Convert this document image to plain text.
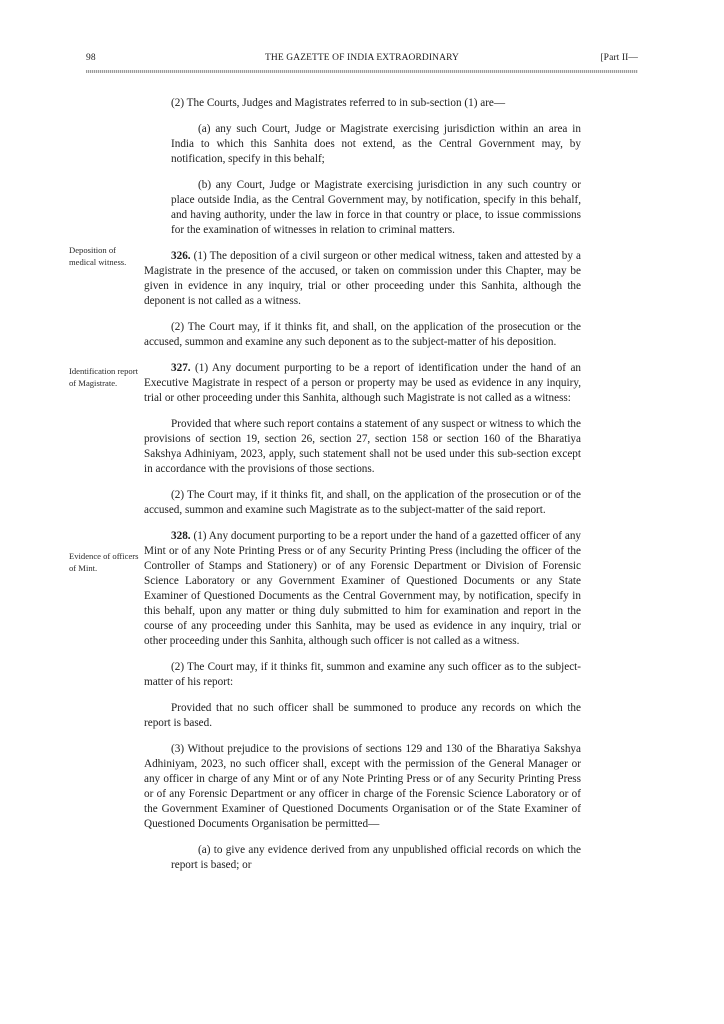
98	THE GAZETTE OF INDIA EXTRAORDINARY	[Part II—
Deposition of medical witness.
Identification report of Magistrate.
Evidence of officers of Mint.

(2) The Courts, Judges and Magistrates referred to in sub-section (1) are—

(a) any such Court, Judge or Magistrate exercising jurisdiction within an area in India to which this Sanhita does not extend, as the Central Government may, by notification, specify in this behalf;

(b) any Court, Judge or Magistrate exercising jurisdiction in any such country or place outside India, as the Central Government may, by notification, specify in this behalf, and having authority, under the law in force in that country or place, to issue commissions for the examination of witnesses in relation to criminal matters.

326. (1) The deposition of a civil surgeon or other medical witness, taken and attested by a Magistrate in the presence of the accused, or taken on commission under this Chapter, may be given in evidence in any inquiry, trial or other proceeding under this Sanhita, although the deponent is not called as a witness.

(2) The Court may, if it thinks fit, and shall, on the application of the prosecution or the accused, summon and examine any such deponent as to the subject-matter of his deposition.

327. (1) Any document purporting to be a report of identification under the hand of an Executive Magistrate in respect of a person or property may be used as evidence in any inquiry, trial or other proceeding under this Sanhita, although such Magistrate is not called as a witness:

Provided that where such report contains a statement of any suspect or witness to which the provisions of section 19, section 26, section 27, section 158 or section 160 of the Bharatiya Sakshya Adhiniyam, 2023, apply, such statement shall not be used under this sub-section except in accordance with the provisions of those sections.

(2) The Court may, if it thinks fit, and shall, on the application of the prosecution or of the accused, summon and examine such Magistrate as to the subject-matter of the said report.

328. (1) Any document purporting to be a report under the hand of a gazetted officer of any Mint or of any Note Printing Press or of any Security Printing Press (including the officer of the Controller of Stamps and Stationery) or of any Forensic Department or Division of Forensic Science Laboratory or any Government Examiner of Questioned Documents or any State Examiner of Questioned Documents as the Central Government may, by notification, specify in this behalf, upon any matter or thing duly submitted to him for examination and report in the course of any proceeding under this Sanhita, may be used as evidence in any inquiry, trial or other proceeding under this Sanhita, although such officer is not called as a witness.

(2) The Court may, if it thinks fit, summon and examine any such officer as to the subject-matter of his report:

Provided that no such officer shall be summoned to produce any records on which the report is based.

(3) Without prejudice to the provisions of sections 129 and 130 of the Bharatiya Sakshya Adhiniyam, 2023, no such officer shall, except with the permission of the General Manager or any officer in charge of any Mint or of any Note Printing Press or of any Security Printing Press or of any Forensic Department or any officer in charge of the Forensic Science Laboratory or of the Government Examiner of Questioned Documents Organisation or of the State Examiner of Questioned Documents Organisation be permitted—

(a) to give any evidence derived from any unpublished official records on which the report is based; or
